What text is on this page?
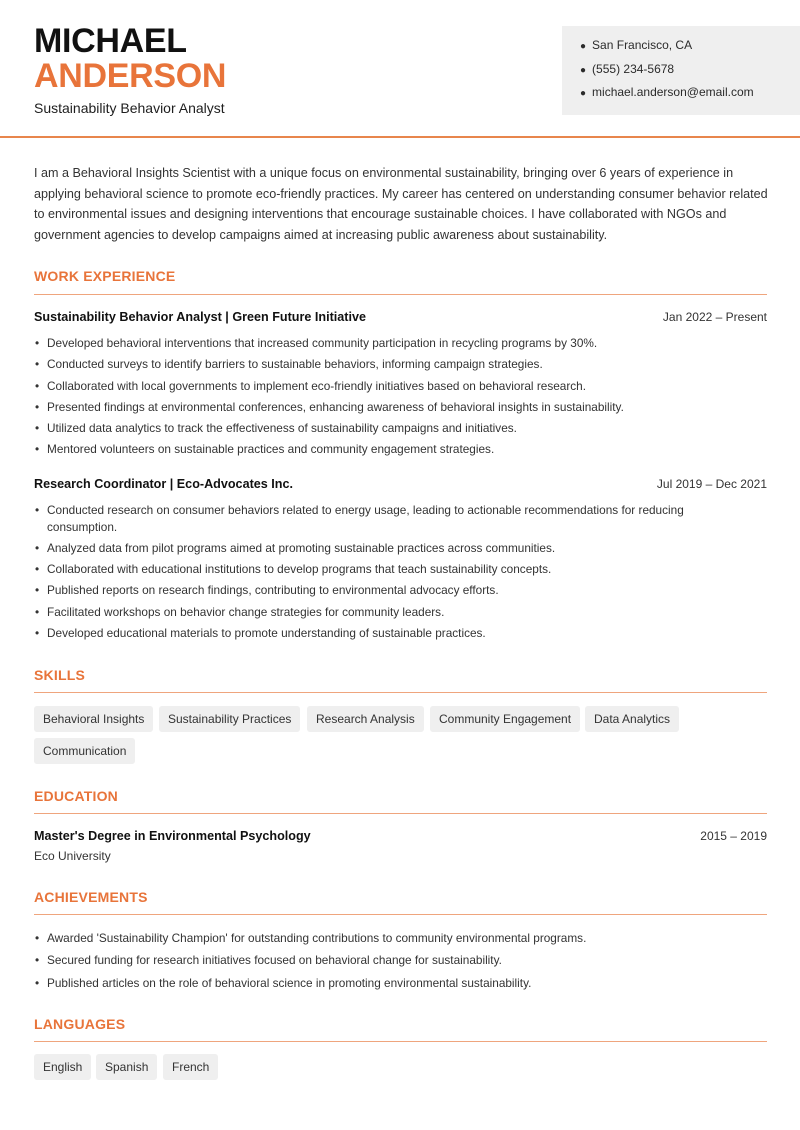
MICHAEL
ANDERSON
Sustainability Behavior Analyst
● San Francisco, CA
● (555) 234-5678
● michael.anderson@email.com
I am a Behavioral Insights Scientist with a unique focus on environmental sustainability, bringing over 6 years of experience in applying behavioral science to promote eco-friendly practices. My career has centered on understanding consumer behavior related to environmental issues and designing interventions that encourage sustainable choices. I have collaborated with NGOs and government agencies to develop campaigns aimed at increasing public awareness about sustainability.
WORK EXPERIENCE
Sustainability Behavior Analyst | Green Future Initiative	Jan 2022 – Present
• Developed behavioral interventions that increased community participation in recycling programs by 30%.
• Conducted surveys to identify barriers to sustainable behaviors, informing campaign strategies.
• Collaborated with local governments to implement eco-friendly initiatives based on behavioral research.
• Presented findings at environmental conferences, enhancing awareness of behavioral insights in sustainability.
• Utilized data analytics to track the effectiveness of sustainability campaigns and initiatives.
• Mentored volunteers on sustainable practices and community engagement strategies.
Research Coordinator | Eco-Advocates Inc.	Jul 2019 – Dec 2021
• Conducted research on consumer behaviors related to energy usage, leading to actionable recommendations for reducing consumption.
• Analyzed data from pilot programs aimed at promoting sustainable practices across communities.
• Collaborated with educational institutions to develop programs that teach sustainability concepts.
• Published reports on research findings, contributing to environmental advocacy efforts.
• Facilitated workshops on behavior change strategies for community leaders.
• Developed educational materials to promote understanding of sustainable practices.
SKILLS
Behavioral Insights	Sustainability Practices	Research Analysis	Community Engagement	Data Analytics
Communication
EDUCATION
Master's Degree in Environmental Psychology	2015 – 2019
Eco University
ACHIEVEMENTS
• Awarded 'Sustainability Champion' for outstanding contributions to community environmental programs.
• Secured funding for research initiatives focused on behavioral change for sustainability.
• Published articles on the role of behavioral science in promoting environmental sustainability.
LANGUAGES
English	Spanish	French
